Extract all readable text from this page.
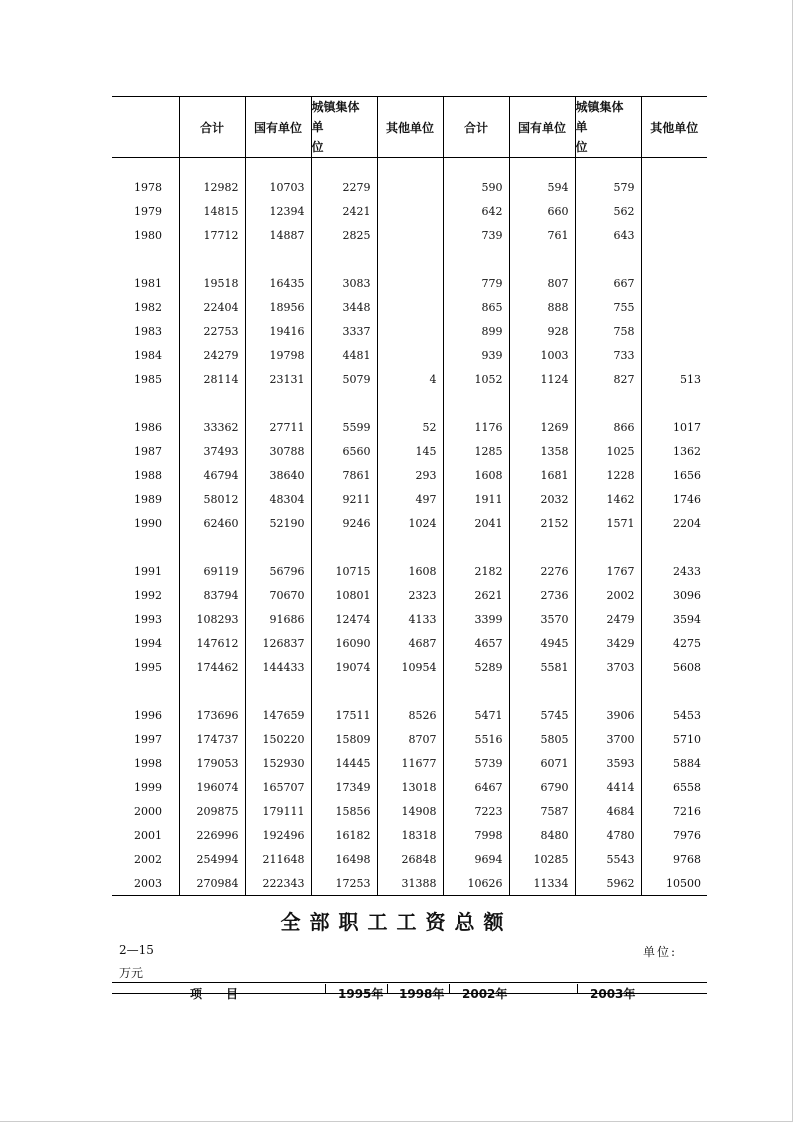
	合计	国有单位	城镇集体
单位	其他单位	合计	国有单位	城镇集体
单位	其他单位

1978	12982	10703	2279		590	594	579	
1979	14815	12394	2421		642	660	562	
1980	17712	14887	2825		739	761	643	

1981	19518	16435	3083		779	807	667	
1982	22404	18956	3448		865	888	755	
1983	22753	19416	3337		899	928	758	
1984	24279	19798	4481		939	1003	733	
1985	28114	23131	5079	4	1052	1124	827	513

1986	33362	27711	5599	52	1176	1269	866	1017
1987	37493	30788	6560	145	1285	1358	1025	1362
1988	46794	38640	7861	293	1608	1681	1228	1656
1989	58012	48304	9211	497	1911	2032	1462	1746
1990	62460	52190	9246	1024	2041	2152	1571	2204

1991	69119	56796	10715	1608	2182	2276	1767	2433
1992	83794	70670	10801	2323	2621	2736	2002	3096
1993	108293	91686	12474	4133	3399	3570	2479	3594
1994	147612	126837	16090	4687	4657	4945	3429	4275
1995	174462	144433	19074	10954	5289	5581	3703	5608

1996	173696	147659	17511	8526	5471	5745	3906	5453
1997	174737	150220	15809	8707	5516	5805	3700	5710
1998	179053	152930	14445	11677	5739	6071	3593	5884
1999	196074	165707	17349	13018	6467	6790	4414	6558
2000	209875	179111	15856	14908	7223	7587	4684	7216
2001	226996	192496	16182	18318	7998	8480	4780	7976
2002	254994	211648	16498	26848	9694	10285	5543	9768
2003	270984	222343	17253	31388	10626	11334	5962	10500
全部职工工资总额
2—15	单位:
万元
项　　目	1995年 1998年 2002年	2003年
